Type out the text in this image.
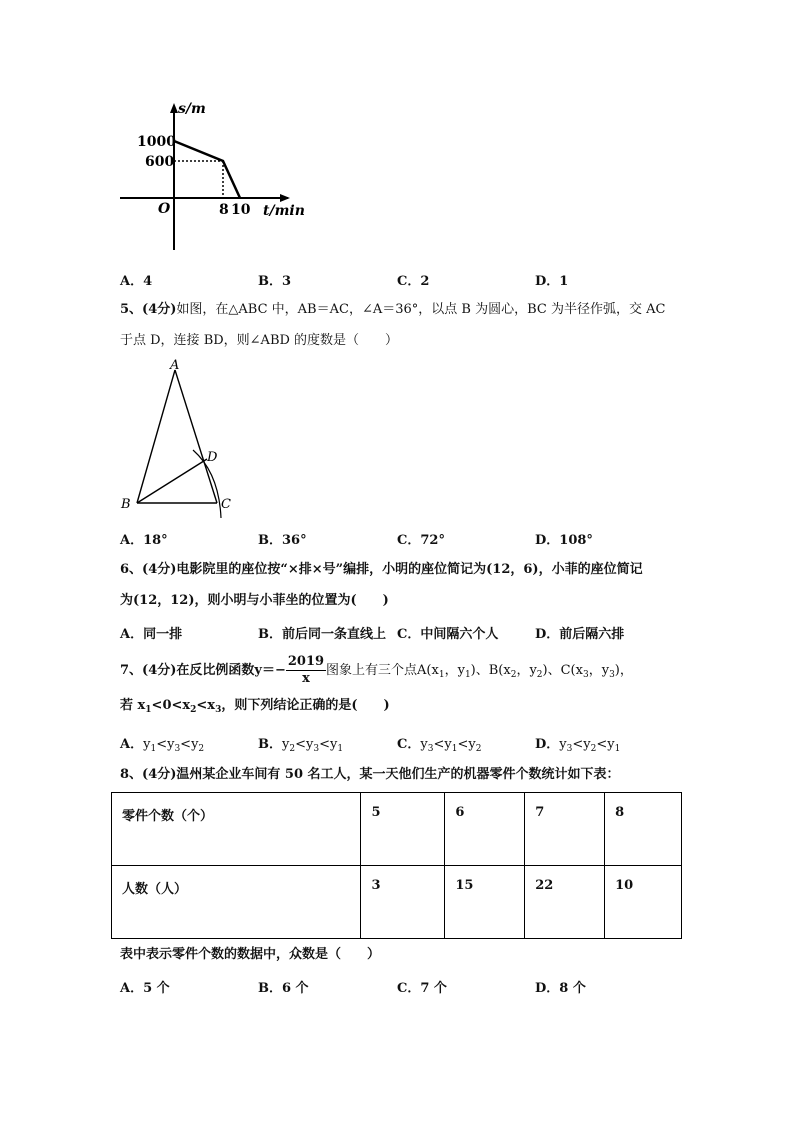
s/m
t/min
O
1000
600
8 10
A．4	B．3	C．2	D．1
5、(4分)如图，在△ABC 中，AB＝AC，∠A＝36°，以点 B 为圆心，BC 为半径作弧，交 AC
于点 D，连接 BD，则∠ABD 的度数是（　　）
A
B	C
D
A．18°	B．36°	C．72°	D．108°
6、(4分)电影院里的座位按“×排×号”编排，小明的座位简记为(12，6)，小菲的座位简记
为(12，12)，则小明与小菲坐的位置为(　　)
A．同一排	B．前后同一条直线上 C．中间隔六个人	D．前后隔六排
7、(4分)在反比例函数$y=- \frac{2019}{x}$ 图象上有三个点$A(x_1$，$y_1$)、$B(x_2$，$y_2$)、$C(x_3$，$y_3$)，
若 $x_1<0<x_2<x_3$，则下列结论正确的是(　　)
A．$y_1<y_3<y_2$	B．$y_2<y_3<y_1$	C．$y_3<y_1<y_2$	D．$y_3<y_2<y_1$
8、(4分)温州某企业车间有 50 名工人，某一天他们生产的机器零件个数统计如下表：
零件个数（个）	5	6	7	8
人数（人）	3	15	22	10
表中表示零件个数的数据中，众数是（　　）
A．5 个	B．6 个	C．7 个	D．8 个
